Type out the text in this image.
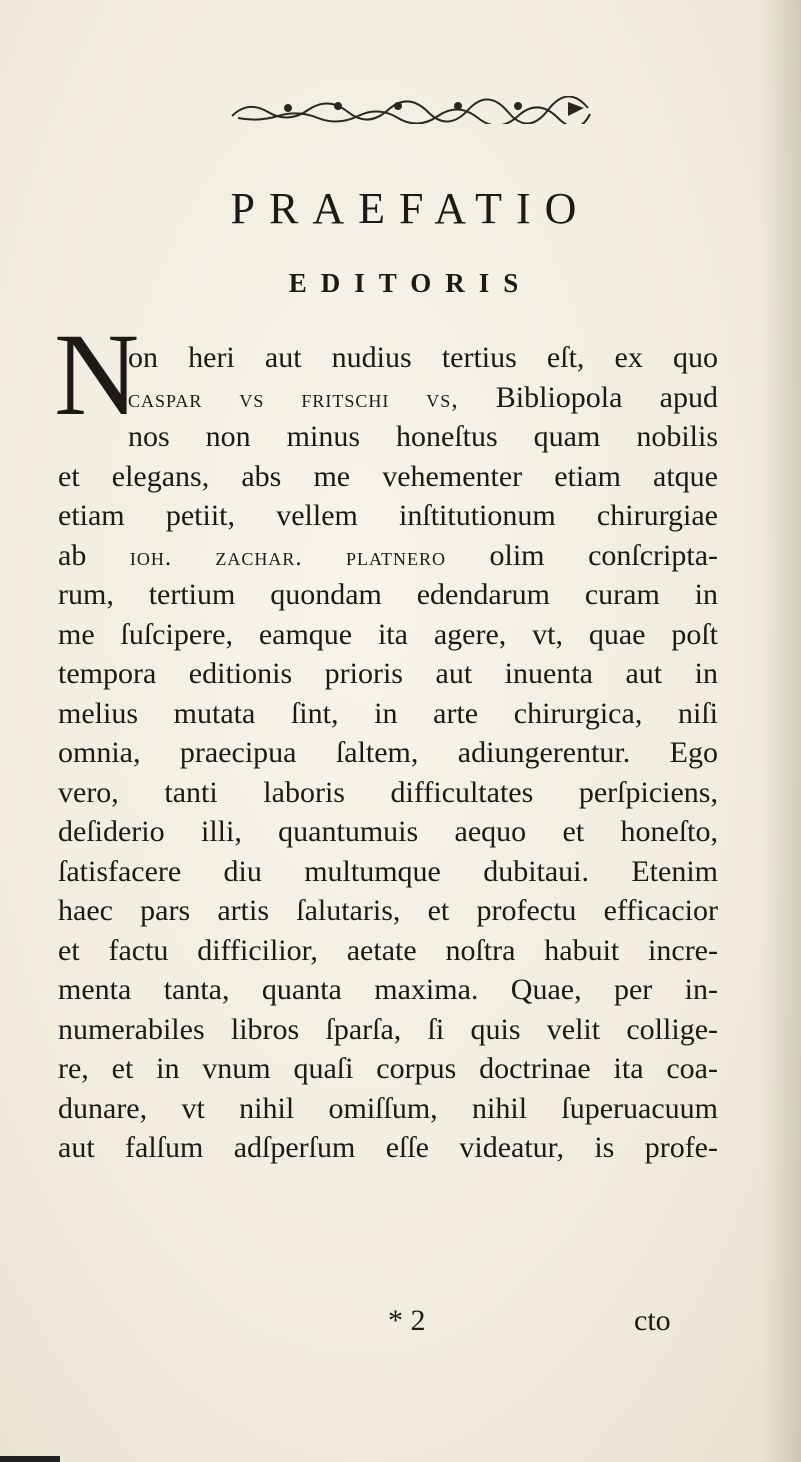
PRAEFATIO
EDITORIS
N
on heri aut nudius tertius eſt, ex quo
caspar vs fritschi vs, Bibliopola apud
nos non minus honeſtus quam nobilis
et elegans, abs me vehementer etiam atque
etiam petiit, vellem inſtitutionum chirurgiae
ab ioh. zachar. platnero olim conſcripta-
rum, tertium quondam edendarum curam in
me ſuſcipere, eamque ita agere, vt, quae poſt
tempora editionis prioris aut inuenta aut in
melius mutata ſint, in arte chirurgica, niſi
omnia, praecipua ſaltem, adiungerentur. Ego
vero, tanti laboris difficultates perſpiciens,
deſiderio illi, quantumuis aequo et honeſto,
ſatisfacere diu multumque dubitaui. Etenim
haec pars artis ſalutaris, et profectu efficacior
et factu difficilior, aetate noſtra habuit incre-
menta tanta, quanta maxima. Quae, per in-
numerabiles libros ſparſa, ſi quis velit collige-
re, et in vnum quaſi corpus doctrinae ita coa-
dunare, vt nihil omiſſum, nihil ſuperuacuum
aut falſum adſperſum eſſe videatur, is profe-
* 2	cto
